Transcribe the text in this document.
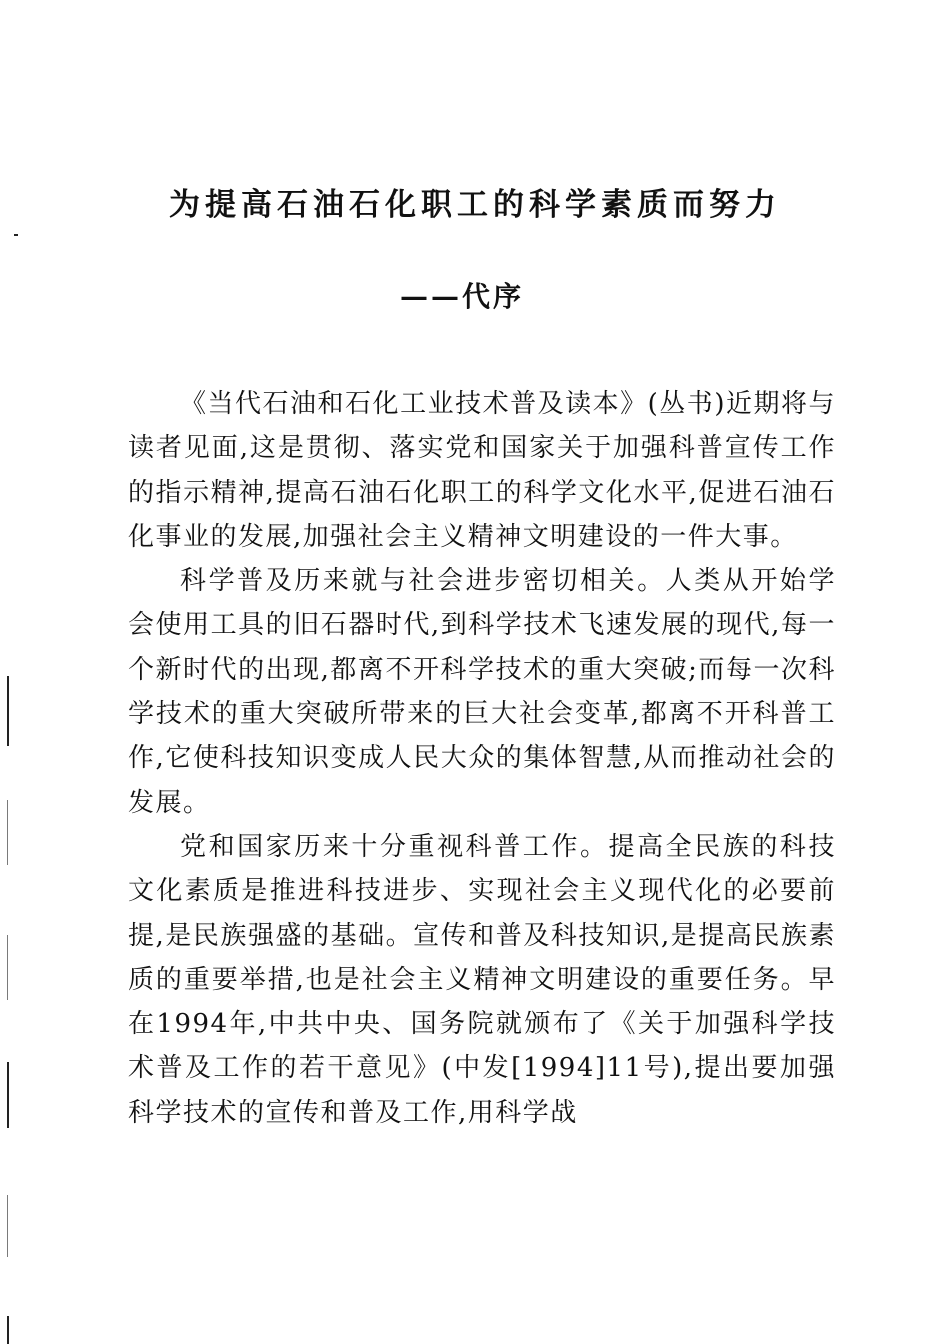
为提高石油石化职工的科学素质而努力
——代序

《当代石油和石化工业技术普及读本》(丛书)近期将与读者见面,这是贯彻、落实党和国家关于加强科普宣传工作的指示精神,提高石油石化职工的科学文化水平,促进石油石化事业的发展,加强社会主义精神文明建设的一件大事。

科学普及历来就与社会进步密切相关。人类从开始学会使用工具的旧石器时代,到科学技术飞速发展的现代,每一个新时代的出现,都离不开科学技术的重大突破;而每一次科学技术的重大突破所带来的巨大社会变革,都离不开科普工作,它使科技知识变成人民大众的集体智慧,从而推动社会的发展。

党和国家历来十分重视科普工作。提高全民族的科技文化素质是推进科技进步、实现社会主义现代化的必要前提,是民族强盛的基础。宣传和普及科技知识,是提高民族素质的重要举措,也是社会主义精神文明建设的重要任务。早在1994年,中共中央、国务院就颁布了《关于加强科学技术普及工作的若干意见》(中发[1994]11号),提出要加强科学技术的宣传和普及工作,用科学战
